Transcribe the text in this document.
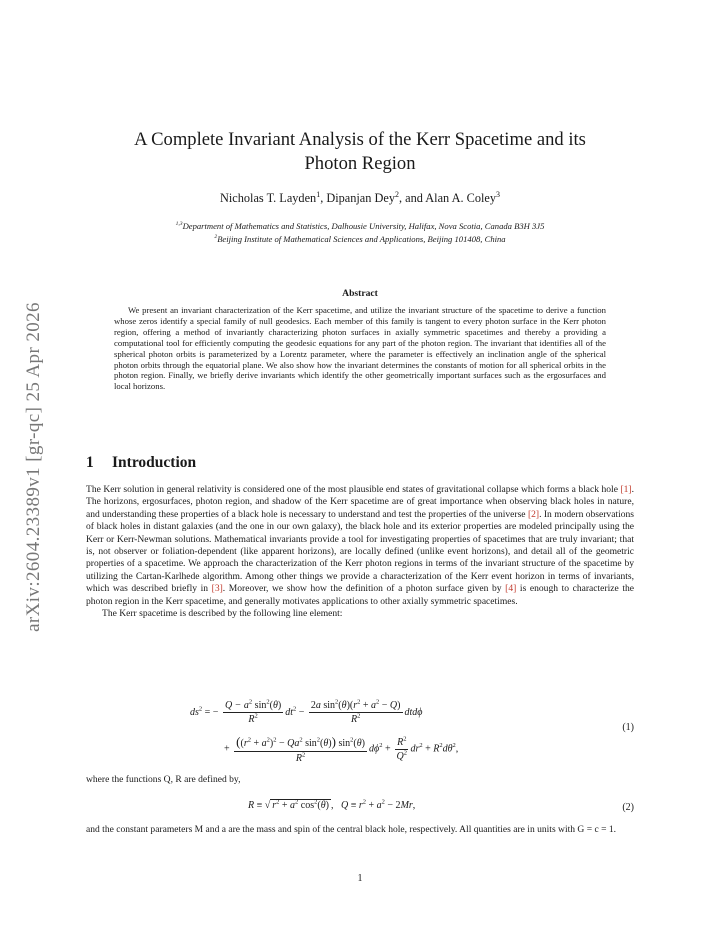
arXiv:2604.23389v1 [gr-qc] 25 Apr 2026
A Complete Invariant Analysis of the Kerr Spacetime and its
Photon Region
Nicholas T. Layden$^1$, Dipanjan Dey$^2$, and Alan A. Coley$^3$
$^{1,3}$Department of Mathematics and Statistics, Dalhousie University, Halifax, Nova Scotia, Canada B3H 3J5
$^2$Beijing Institute of Mathematical Sciences and Applications, Beijing 101408, China
Abstract

We present an invariant characterization of the Kerr spacetime, and utilize the invariant structure of the spacetime to derive a function whose zeros identify a special family of null geodesics. Each member of this family is tangent to every photon surface in the Kerr photon region, offering a method of invariantly characterizing photon surfaces in axially symmetric spacetimes and thereby a providing a computational tool for efficiently computing the geodesic equations for any part of the photon region. The invariant that identifies all of the spherical photon orbits is parameterized by a Lorentz parameter, where the parameter is effectively an inclination angle of the spherical photon orbits through the equatorial plane. We also show how the invariant determines the constants of motion for all spherical orbits in the photon region. Finally, we briefly derive invariants which identify the other geometrically important surfaces such as the ergosurfaces and local horizons.

1 Introduction

The Kerr solution in general relativity is considered one of the most plausible end states of gravitational collapse which forms a black hole [1]. The horizons, ergosurfaces, photon region, and shadow of the Kerr spacetime are of great importance when observing black holes in nature, and understanding these properties of a black hole is necessary to understand and test the properties of the universe [2]. In modern observations of black holes in distant galaxies (and the one in our own galaxy), the black hole and its exterior properties are modeled principally using the Kerr or Kerr-Newman solutions. Mathematical invariants provide a tool for investigating properties of spacetimes that are truly invariant; that is, not observer or foliation-dependent (like apparent horizons), are locally defined (unlike event horizons), and detail all of the geometric properties of a spacetime. We approach the characterization of the Kerr photon regions in terms of the invariant structure of the spacetime by utilizing the Cartan-Karlhede algorithm. Among other things we provide a characterization of the Kerr event horizon in terms of invariants, which was described briefly in [3]. Moreover, we show how the definition of a photon surface given by [4] is enough to characterize the photon region in the Kerr spacetime, and generally motivates applications to other axially symmetric spacetimes.

The Kerr spacetime is described by the following line element:

$ds^2$ = − $\frac{Q - a^2 \sin^2(\theta)}{R^2} dt^2 - \frac{2a \sin^2(\theta)(r^2 + a^2 - Q)}{R^2}$ dtdϕ
(1)
+ $\frac{((r^2 + a^2)^2 - Qa^2 \sin^2(\theta)) \sin^2(\theta)}{R^2} d\phi^2 + \frac{R^2}{Q^2} dr^2 + R^2d\theta^2$,

where the functions Q, R are defined by,

R ≡ √ $r^2 + a^2$ $\cos^2(\theta)$ ,   $Q \equiv r^2 + a^2 - 2Mr$,	(2)

and the constant parameters M and a are the mass and spin of the central black hole, respectively. All quantities are in units with G = c = 1.

1
